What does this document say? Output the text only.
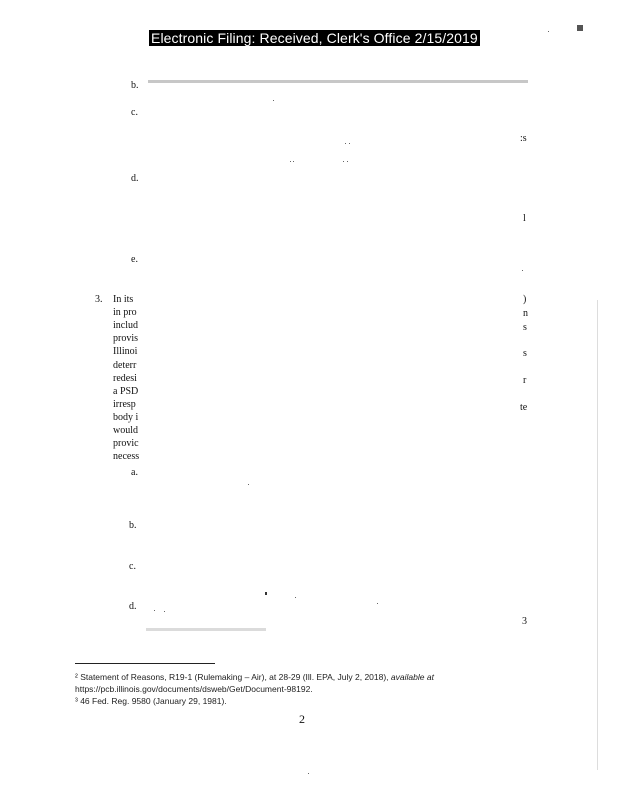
Electronic Filing: Received, Clerk's Office 2/15/2019
b.
c.
d.
e.
:s
l
)
n
s
s
r
te
3
3. In its
in pro
includ
provis
Illinoi
deterr
redesi
a PSD
irresp
body i
would
provic
necess
a.
b.
c.
d.
² Statement of Reasons, R19-1 (Rulemaking – Air), at 28-29 (Ill. EPA, July 2, 2018), available at
https://pcb.illinois.gov/documents/dsweb/Get/Document-98192.
³ 46 Fed. Reg. 9580 (January 29, 1981).
2
